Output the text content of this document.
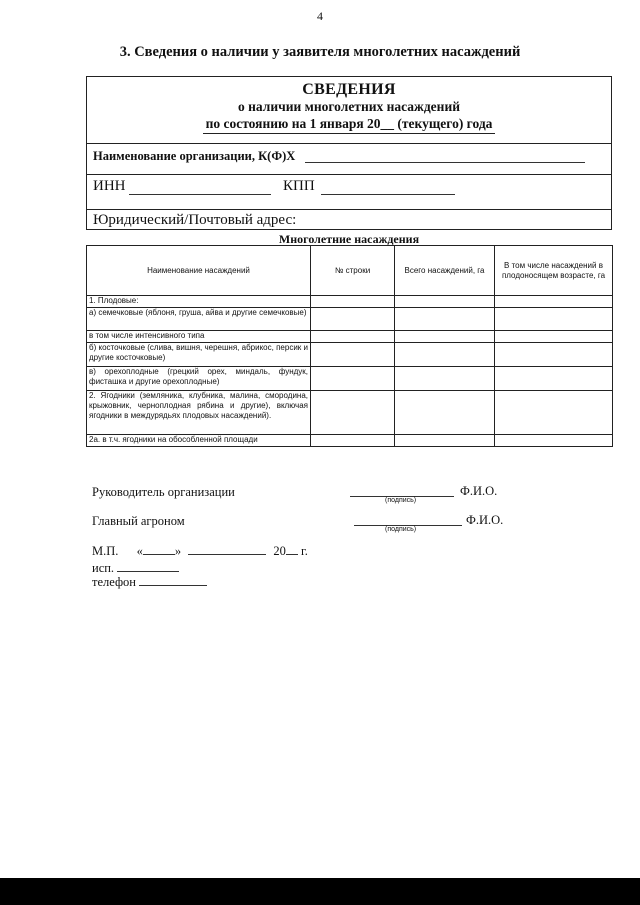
4
3. Сведения о наличии у заявителя многолетних насаждений
СВЕДЕНИЯ
о наличии многолетних насаждений
по состоянию на 1 января 20__ (текущего) года
Наименование организации, К(Ф)Х
ИНН	КПП
Юридический/Почтовый адрес:
Многолетние насаждения
Наименование насаждений	№ строки	Всего насаждений, га	В том числе насаждений в плодоносящем возрасте, га
1. Плодовые:			
а) семечковые (яблоня, груша, айва и другие семечковые)			
в том числе интенсивного типа			
б) косточковые (слива, вишня, черешня, абрикос, персик и другие косточковые)			
в) орехоплодные (грецкий орех, миндаль, фундук, фисташка и другие орехоплодные)			
2. Ягодники (земляника, клубника, малина, смородина, крыжовник, черноплодная рябина и другие), включая ягодники в междурядьях плодовых насаждений).			
2а. в т.ч. ягодники на обособленной площади			
Руководитель организации
(подпись)
Ф.И.О.
Главный агроном
(подпись)
Ф.И.О.
М.П. «	»	20 г.
исп.
телефон
